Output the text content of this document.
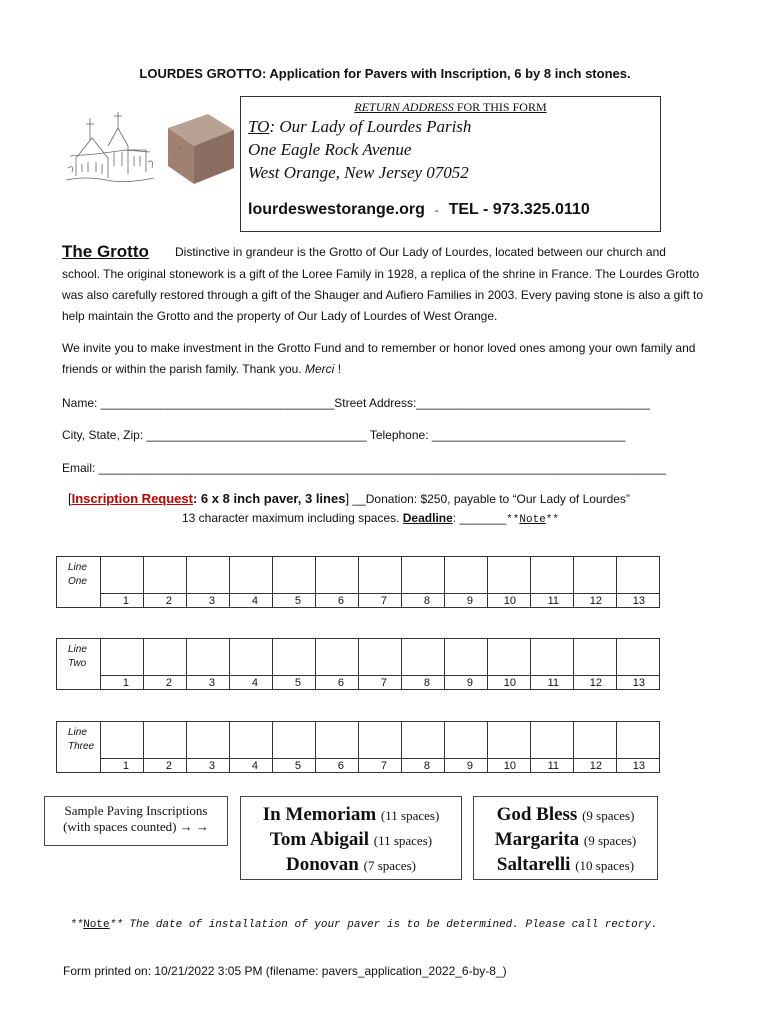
LOURDES GROTTO: Application for Pavers with Inscription, 6 by 8 inch stones.
RETURN ADDRESS FOR THIS FORM
TO: Our Lady of Lourdes Parish
One Eagle Rock Avenue
West Orange, New Jersey 07052
lourdeswestorange.org - TEL - 973.325.0110
The Grotto Distinctive in grandeur is the Grotto of Our Lady of Lourdes, located between our church and
school. The original stonework is a gift of the Loree Family in 1928, a replica of the shrine in France. The Lourdes Grotto was also carefully restored through a gift of the Shauger and Aufiero Families in 2003. Every paving stone is also a gift to help maintain the Grotto and the property of Our Lady of Lourdes of West Orange.
We invite you to make investment in the Grotto Fund and to remember or honor loved ones among your own family and friends or within the parish family. Thank you. Merci !
Name: ___________________________________Street Address:___________________________________
City, State, Zip: _________________________________ Telephone: _____________________________
Email: _____________________________________________________________________________________
[Inscription Request: 6 x 8 inch paver, 3 lines] __Donation: $250, payable to “Our Lady of Lourdes”
13 character maximum including spaces. Deadline: _______**Note**
Line
One													

	1	2	3	4	5	6	7	8	9	10	11	12	13
Line
Two													

	1	2	3	4	5	6	7	8	9	10	11	12	13
Line
Three													

	1	2	3	4	5	6	7	8	9	10	11	12	13
Sample Paving Inscriptions
(with spaces counted) → →
In Memoriam (11 spaces)
Tom Abigail (11 spaces)
Donovan (7 spaces)
God Bless (9 spaces)
Margarita (9 spaces)
Saltarelli (10 spaces)
**Note** The date of installation of your paver is to be determined. Please call rectory.
Form printed on: 10/21/2022 3:05 PM (filename: pavers_application_2022_6-by-8_)
